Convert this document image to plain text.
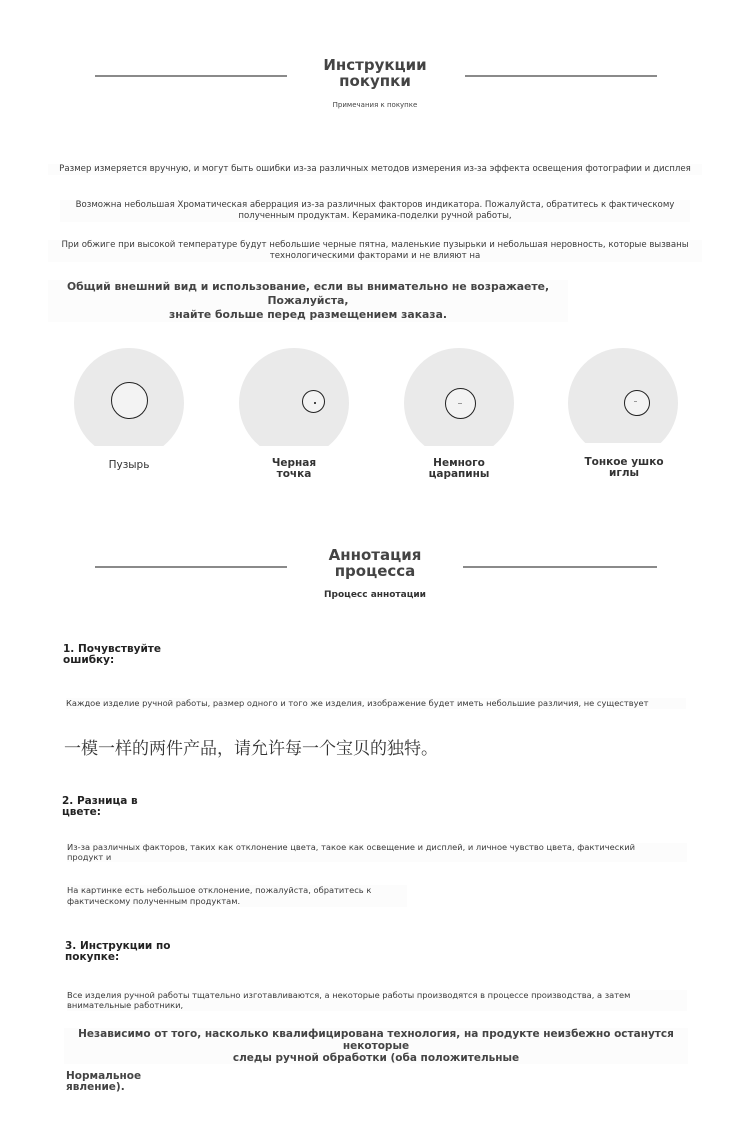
Инструкции
покупки
Примечания к покупке
Размер измеряется вручную, и могут быть ошибки из-за различных методов измерения из-за эффекта освещения фотографии и дисплея
Возможна небольшая Хроматическая аберрация из-за различных факторов индикатора. Пожалуйста, обратитесь к фактическому
полученным продуктам. Керамика-поделки ручной работы,
При обжиге при высокой температуре будут небольшие черные пятна, маленькие пузырьки и небольшая неровность, которые вызваны
технологическими факторами и не влияют на
Общий внешний вид и использование, если вы внимательно не возражаете, Пожалуйста,
знайте больше перед размещением заказа.
Пузырь	Черная
точка
Немного
царапины
Тонкое ушко
иглы
Аннотация
процесса
Процесс аннотации
1. Почувствуйте
ошибку:
Каждое изделие ручной работы, размер одного и того же изделия, изображение будет иметь небольшие различия, не существует
一模一样的两件产品，请允许每一个宝贝的独特。
2. Разница в
цвете:
Из-за различных факторов, таких как отклонение цвета, такое как освещение и дисплей, и личное чувство цвета, фактический
продукт и
На картинке есть небольшое отклонение, пожалуйста, обратитесь к
фактическому полученным продуктам.
3. Инструкции по
покупке:
Все изделия ручной работы тщательно изготавливаются, а некоторые работы производятся в процессе производства, а затем
внимательные работники,
Независимо от того, насколько квалифицирована технология, на продукте неизбежно останутся некоторые
следы ручной обработки (оба положительные
Нормальное
явление).
